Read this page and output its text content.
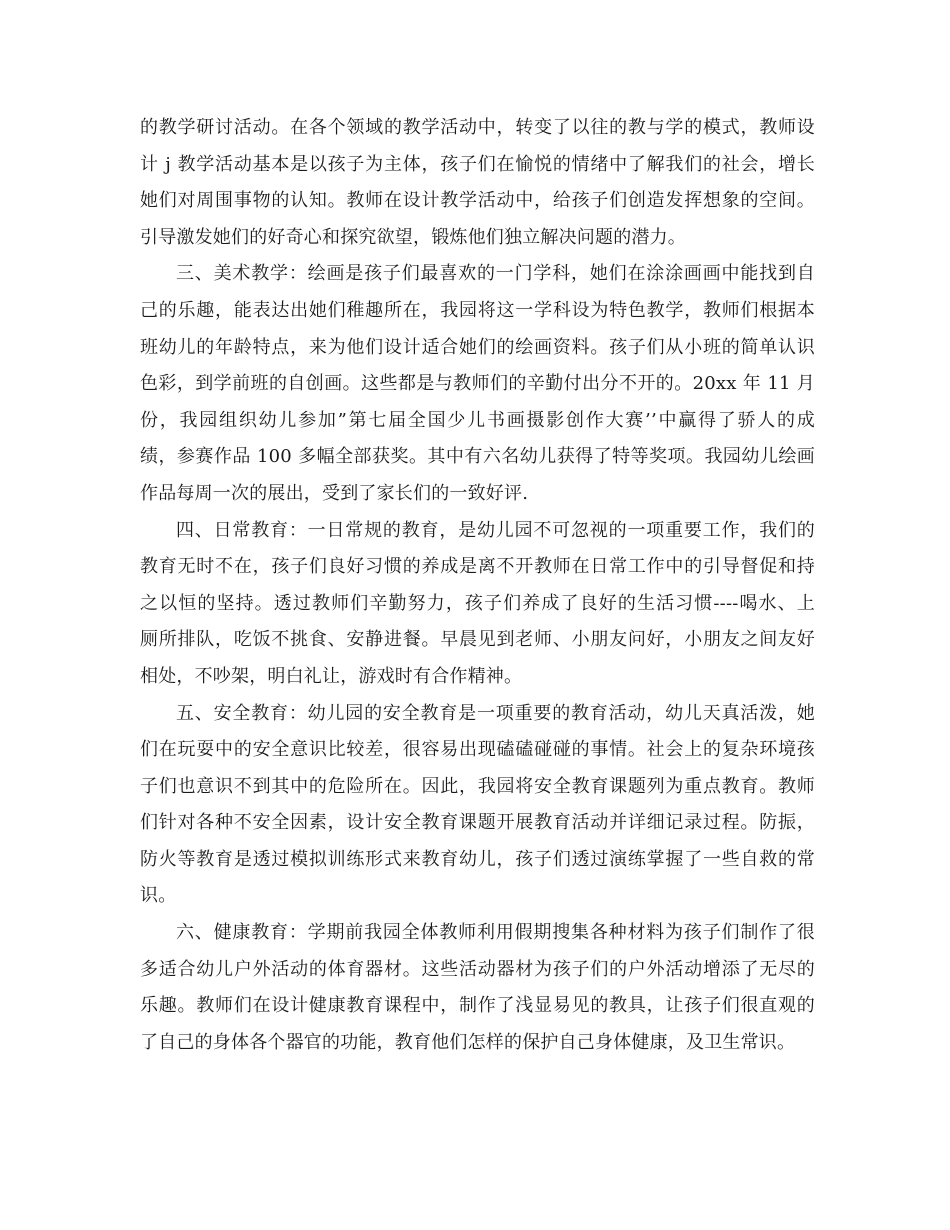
的教学研讨活动。在各个领域的教学活动中，转变了以往的教与学的模式，教师设
计 j 教学活动基本是以孩子为主体，孩子们在愉悦的情绪中了解我们的社会，增长
她们对周围事物的认知。教师在设计教学活动中，给孩子们创造发挥想象的空间。
引导激发她们的好奇心和探究欲望，锻炼他们独立解决问题的潜力。
三、美术教学：绘画是孩子们最喜欢的一门学科，她们在涂涂画画中能找到自
己的乐趣，能表达出她们稚趣所在，我园将这一学科设为特色教学，教师们根据本
班幼儿的年龄特点，来为他们设计适合她们的绘画资料。孩子们从小班的简单认识
色彩，到学前班的自创画。这些都是与教师们的辛勤付出分不开的。20xx 年 11 月
份，我园组织幼儿参加”第七届全国少儿书画摄影创作大赛’’中赢得了骄人的成
绩，参赛作品 100 多幅全部获奖。其中有六名幼儿获得了特等奖项。我园幼儿绘画
作品每周一次的展出，受到了家长们的一致好评.
四、日常教育：一日常规的教育，是幼儿园不可忽视的一项重要工作，我们的
教育无时不在，孩子们良好习惯的养成是离不开教师在日常工作中的引导督促和持
之以恒的坚持。透过教师们辛勤努力，孩子们养成了良好的生活习惯----喝水、上
厕所排队，吃饭不挑食、安静进餐。早晨见到老师、小朋友问好，小朋友之间友好
相处，不吵架，明白礼让，游戏时有合作精神。
五、安全教育：幼儿园的安全教育是一项重要的教育活动，幼儿天真活泼，她
们在玩耍中的安全意识比较差，很容易出现磕磕碰碰的事情。社会上的复杂环境孩
子们也意识不到其中的危险所在。因此，我园将安全教育课题列为重点教育。教师
们针对各种不安全因素，设计安全教育课题开展教育活动并详细记录过程。防振，
防火等教育是透过模拟训练形式来教育幼儿，孩子们透过演练掌握了一些自救的常
识。
六、健康教育：学期前我园全体教师利用假期搜集各种材料为孩子们制作了很
多适合幼儿户外活动的体育器材。这些活动器材为孩子们的户外活动增添了无尽的
乐趣。教师们在设计健康教育课程中，制作了浅显易见的教具，让孩子们很直观的
了自己的身体各个器官的功能，教育他们怎样的保护自己身体健康，及卫生常识。
